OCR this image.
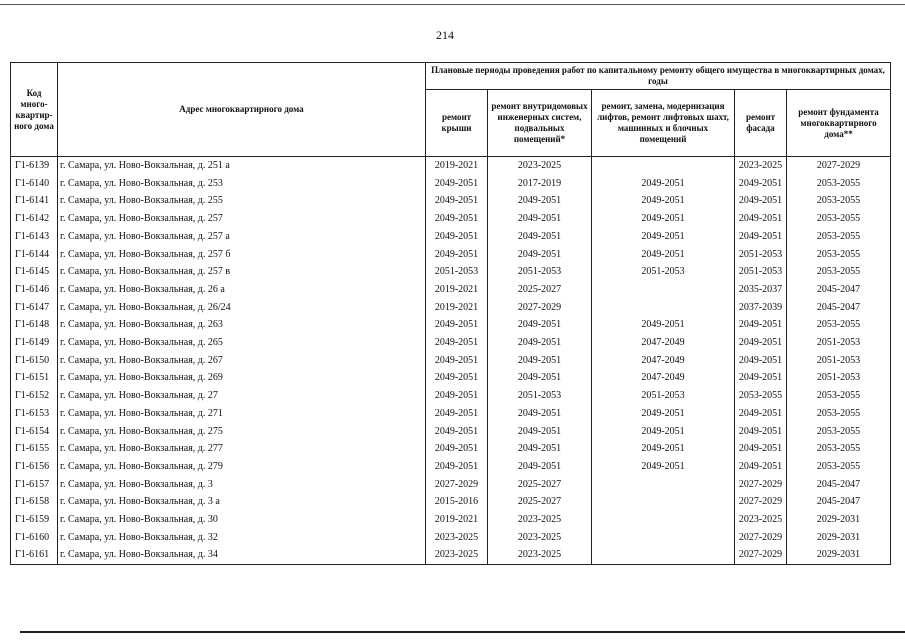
214
Код много-квартир-ного дома	Адрес многоквартирного дома	Плановые периоды проведения работ по капитальному ремонту общего имущества в многоквартирных домах, годы				
		ремонт крыши	ремонт внутридомовых инженерных систем, подвальных помещений*	ремонт, замена, модернизация лифтов, ремонт лифтовых шахт, машинных и блочных помещений	ремонт фасада	ремонт фундамента многоквартирного дома**
Г1-6139	г. Самара, ул. Ново-Вокзальная, д. 251 а	2019-2021	2023-2025		2023-2025	2027-2029
Г1-6140	г. Самара, ул. Ново-Вокзальная, д. 253	2049-2051	2017-2019	2049-2051	2049-2051	2053-2055
Г1-6141	г. Самара, ул. Ново-Вокзальная, д. 255	2049-2051	2049-2051	2049-2051	2049-2051	2053-2055
Г1-6142	г. Самара, ул. Ново-Вокзальная, д. 257	2049-2051	2049-2051	2049-2051	2049-2051	2053-2055
Г1-6143	г. Самара, ул. Ново-Вокзальная, д. 257 а	2049-2051	2049-2051	2049-2051	2049-2051	2053-2055
Г1-6144	г. Самара, ул. Ново-Вокзальная, д. 257 б	2049-2051	2049-2051	2049-2051	2051-2053	2053-2055
Г1-6145	г. Самара, ул. Ново-Вокзальная, д. 257 в	2051-2053	2051-2053	2051-2053	2051-2053	2053-2055
Г1-6146	г. Самара, ул. Ново-Вокзальная, д. 26 а	2019-2021	2025-2027		2035-2037	2045-2047
Г1-6147	г. Самара, ул. Ново-Вокзальная, д. 26/24	2019-2021	2027-2029		2037-2039	2045-2047
Г1-6148	г. Самара, ул. Ново-Вокзальная, д. 263	2049-2051	2049-2051	2049-2051	2049-2051	2053-2055
Г1-6149	г. Самара, ул. Ново-Вокзальная, д. 265	2049-2051	2049-2051	2047-2049	2049-2051	2051-2053
Г1-6150	г. Самара, ул. Ново-Вокзальная, д. 267	2049-2051	2049-2051	2047-2049	2049-2051	2051-2053
Г1-6151	г. Самара, ул. Ново-Вокзальная, д. 269	2049-2051	2049-2051	2047-2049	2049-2051	2051-2053
Г1-6152	г. Самара, ул. Ново-Вокзальная, д. 27	2049-2051	2051-2053	2051-2053	2053-2055	2053-2055
Г1-6153	г. Самара, ул. Ново-Вокзальная, д. 271	2049-2051	2049-2051	2049-2051	2049-2051	2053-2055
Г1-6154	г. Самара, ул. Ново-Вокзальная, д. 275	2049-2051	2049-2051	2049-2051	2049-2051	2053-2055
Г1-6155	г. Самара, ул. Ново-Вокзальная, д. 277	2049-2051	2049-2051	2049-2051	2049-2051	2053-2055
Г1-6156	г. Самара, ул. Ново-Вокзальная, д. 279	2049-2051	2049-2051	2049-2051	2049-2051	2053-2055
Г1-6157	г. Самара, ул. Ново-Вокзальная, д. 3	2027-2029	2025-2027		2027-2029	2045-2047
Г1-6158	г. Самара, ул. Ново-Вокзальная, д. 3 а	2015-2016	2025-2027		2027-2029	2045-2047
Г1-6159	г. Самара, ул. Ново-Вокзальная, д. 30	2019-2021	2023-2025		2023-2025	2029-2031
Г1-6160	г. Самара, ул. Ново-Вокзальная, д. 32	2023-2025	2023-2025		2027-2029	2029-2031
Г1-6161	г. Самара, ул. Ново-Вокзальная, д. 34	2023-2025	2023-2025		2027-2029	2029-2031
